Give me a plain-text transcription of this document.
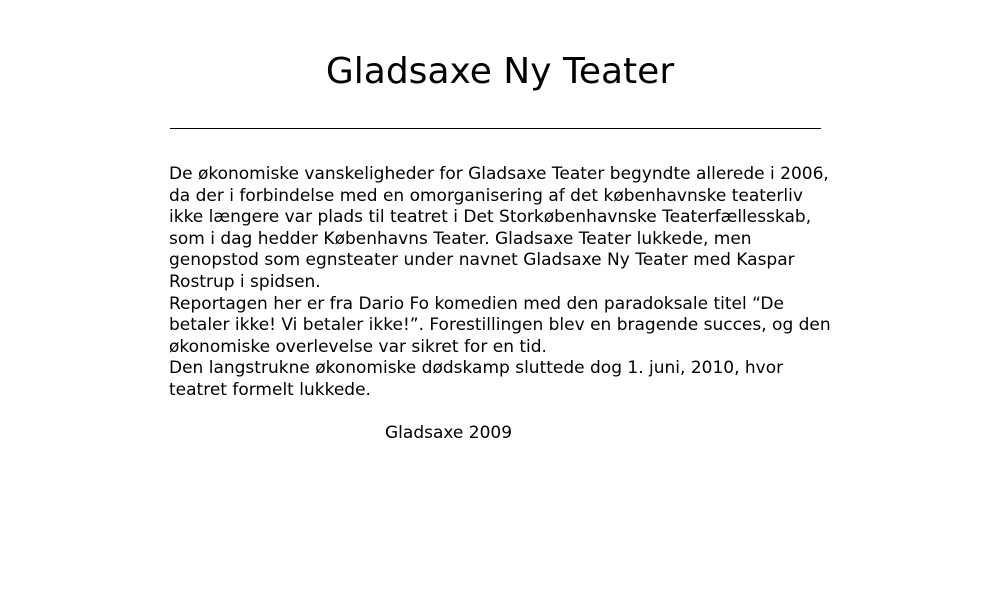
Gladsaxe Ny Teater

De økonomiske vanskeligheder for Gladsaxe Teater begyndte allerede i 2006, da der i forbindelse med en omorganisering af det københavnske teaterliv ikke længere var plads til teatret i Det Storkøbenhavnske Teaterfællesskab, som i dag hedder Københavns Teater. Gladsaxe Teater lukkede, men genopstod som egnsteater under navnet Gladsaxe Ny Teater med Kaspar Rostrup i spidsen.

Reportagen her er fra Dario Fo komedien med den paradoksale titel “De betaler ikke! Vi betaler ikke!”. Forestillingen blev en bragende succes, og den økonomiske overlevelse var sikret for en tid.

Den langstrukne økonomiske dødskamp sluttede dog 1. juni, 2010, hvor teatret formelt lukkede.

Gladsaxe 2009
